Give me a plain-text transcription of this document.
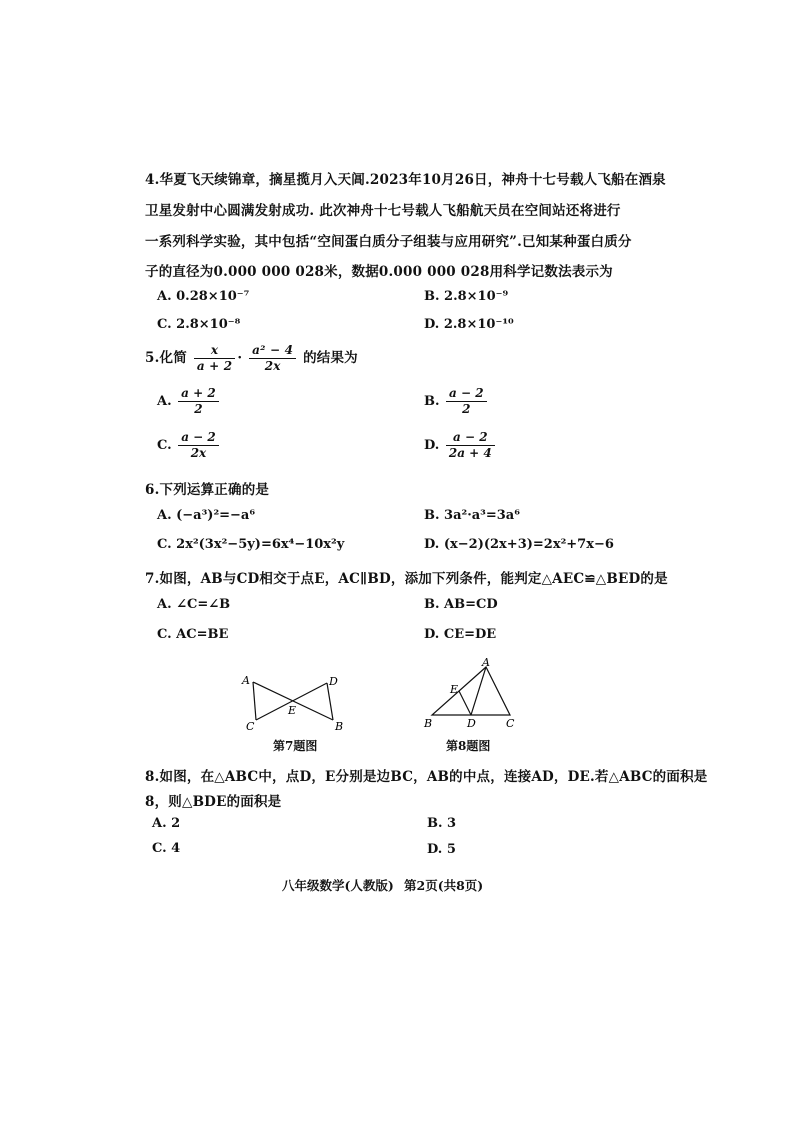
4.华夏飞天续锦章，摘星揽月入天阊.2023年10月26日，神舟十七号载人飞船在酒泉
卫星发射中心圆满发射成功. 此次神舟十七号载人飞船航天员在空间站还将进行
一系列科学实验，其中包括“空间蛋白质分子组装与应用研究”.已知某种蛋白质分
子的直径为0.000 000 028米，数据0.000 000 028用科学记数法表示为
A. 0.28×10⁻⁷	B. 2.8×10⁻⁹
C. 2.8×10⁻⁸	D. 2.8×10⁻¹⁰
5.化简 $\frac{x}{a + 2} \cdot \frac{\text{a² − 4}}{2x}$ 的结果为
A. $\frac{a + 2}{2}$	B. $\frac{a - 2}{2}$
C. $\frac{a - 2}{2x}$	D. $\frac{a - 2}{2a + 4}$
6.下列运算正确的是
A. (−a³)²=−a⁶	B. 3a²·a³=3a⁶
C. 2x²(3x²−5y)=6x⁴−10x²y	D. (x−2)(2x+3)=2x²+7x−6
7.如图，AB与CD相交于点E，AC∥BD，添加下列条件，能判定△AEC≌△BED的是
A. ∠C=∠B	B. AB=CD
C. AC=BE	D. CE=DE
A	D
C
E
B
第7题图
A
E
B	D	C
第8题图
8.如图，在△ABC中，点D，E分别是边BC，AB的中点，连接AD，DE.若△ABC的面积是
8，则△BDE的面积是
A. 2	B. 3
C. 4	D. 5
八年级数学(人教版) 第2页(共8页)
